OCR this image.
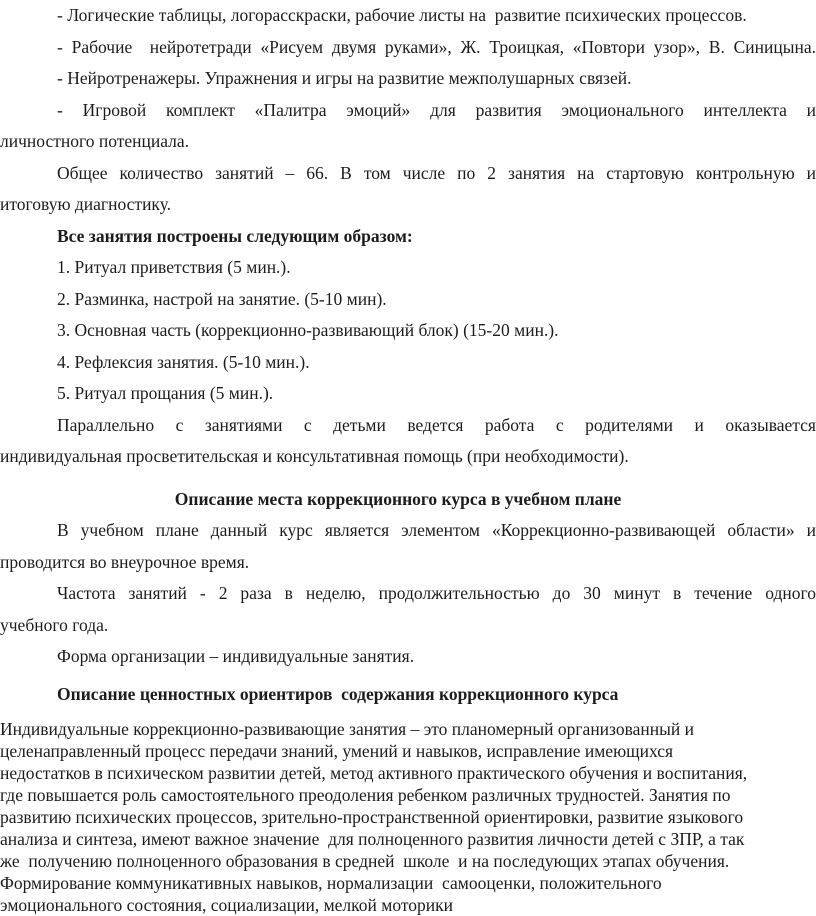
- Логические таблицы, логорасскраски, рабочие листы на  развитие психических процессов.
- Рабочие  нейротетради «Рисуем двумя руками», Ж. Троицкая, «Повтори узор», В. Синицына.
- Нейротренажеры. Упражнения и игры на развитие межполушарных связей.
- Игровой комплект «Палитра эмоций» для развития эмоционального интеллекта и
личностного потенциала.
Общее количество занятий – 66. В том числе по 2 занятия на стартовую контрольную и
итоговую диагностику.
Все занятия построены следующим образом:
1. Ритуал приветствия (5 мин.).
2. Разминка, настрой на занятие. (5-10 мин).
3. Основная часть (коррекционно-развивающий блок) (15-20 мин.).
4. Рефлексия занятия. (5-10 мин.).
5. Ритуал прощания (5 мин.).
Параллельно с занятиями с детьми ведется работа с родителями и оказывается
индивидуальная просветительская и консультативная помощь (при необходимости).
Описание места коррекционного курса в учебном плане
В учебном плане данный курс является элементом «Коррекционно-развивающей области» и
проводится во внеурочное время.
Частота занятий - 2 раза в неделю, продолжительностью до 30 минут в течение одного
учебного года.
Форма организации – индивидуальные занятия.
Описание ценностных ориентиров  содержания коррекционного курса
Индивидуальные коррекционно-развивающие занятия – это планомерный организованный и
целенаправленный процесс передачи знаний, умений и навыков, исправление имеющихся
недостатков в психическом развитии детей, метод активного практического обучения и воспитания,
где повышается роль самостоятельного преодоления ребенком различных трудностей. Занятия по
развитию психических процессов, зрительно-пространственной ориентировки, развитие языкового
анализа и синтеза, имеют важное значение  для полноценного развития личности детей с ЗПР, а так
же  получению полноценного образования в средней  школе  и на последующих этапах обучения.
Формирование коммуникативных навыков, нормализации  самооценки, положительного
эмоционального состояния, социализации, мелкой моторики
